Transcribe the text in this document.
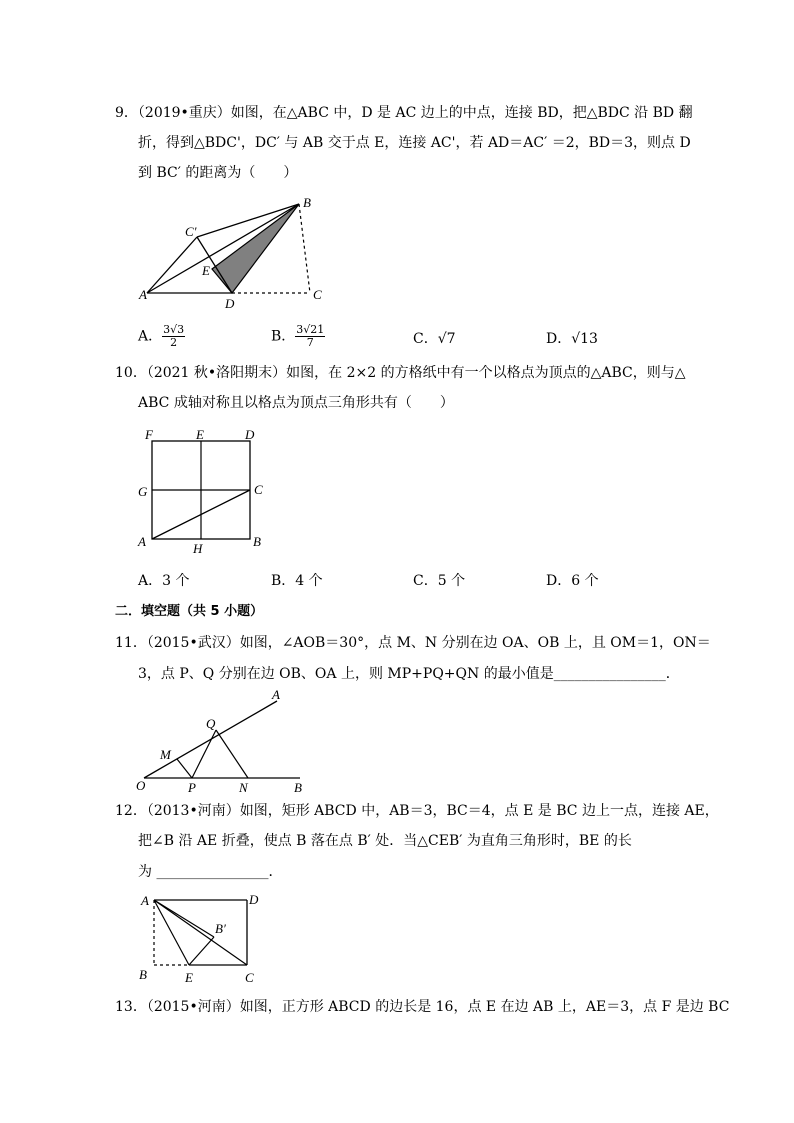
9．（2019•重庆）如图，在△ABC 中，D 是 AC 边上的中点，连接 BD，把△BDC 沿 BD 翻
折，得到△BDC'，DC′ 与 AB 交于点 E，连接 AC'，若 AD＝AC′ ＝2，BD＝3，则点 D
到 BC′ 的距离为（　　）
B
C'
E
A
D
C
A． $\frac{3√3}{2}$	B． $\frac{3√21}{7}$	C．√7	D．√13
10．（2021 秋•洛阳期末）如图，在 2×2 的方格纸中有一个以格点为顶点的△ABC，则与△
ABC 成轴对称且以格点为顶点三角形共有（　　）
F	E	D
G	C
A	H	B
A．3 个	B．4 个	C．5 个	D．6 个
二．填空题（共 5 小题）
11．（2015•武汉）如图，∠AOB＝30°，点 M、N 分别在边 OA、OB 上，且 OM＝1，ON＝
3，点 P、Q 分别在边 OB、OA 上，则 MP+PQ+QN 的最小值是________________．
A
Q
M
O	P	N	B
12．（2013•河南）如图，矩形 ABCD 中，AB＝3，BC＝4，点 E 是 BC 边上一点，连接 AE，
把∠B 沿 AE 折叠，使点 B 落在点 B′ 处．当△CEB′ 为直角三角形时，BE 的长
为 ________________．
A	D
B′
B	E	C
13．（2015•河南）如图，正方形 ABCD 的边长是 16，点 E 在边 AB 上，AE＝3，点 F 是边 BC
